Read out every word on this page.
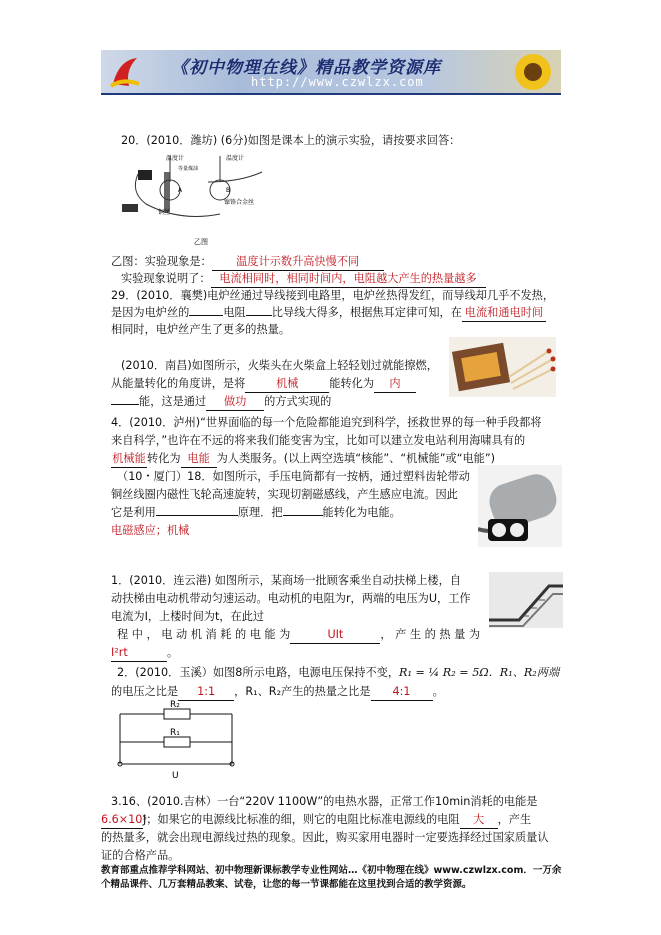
《初中物理在线》精品教学资源库
http://www.czwlzx.com
20．(2010．潍坊) (6分)如图是课本上的演示实验，请按要求回答：
温度计	温度计
等量煤油
A	B
铜丝
镍铬合金丝
乙图
乙图：实验现象是： 温度计示数升高快慢不同
实验现象说明了： 电流相同时，相同时间内，电阻越大产生的热量越多
29．(2010．襄樊)电炉丝通过导线接到电路里，电炉丝热得发红，而导线却几乎不发热，
是因为电炉丝的	电阻 比导线大得多，根据焦耳定律可知，在 电流和通电时间
相同时，电炉丝产生了更多的热量。
(2010．南昌)如图所示，火柴头在火柴盒上轻轻划过就能擦燃，
从能量转化的角度讲，是将	机械	能转化为 内
能，这是通过 做功 的方式实现的
4．(2010．泸州)“世界面临的每一个危险都能追究到科学，拯救世界的每一种手段都将
来自科学，”也许在不远的将来我们能变害为宝，比如可以建立发电站利用海啸具有的
机械能转化为 电能 为人类服务。(以上两空选填“核能”、“机械能”或“电能”)
（10・厦门）18．如图所示，手压电筒都有一按柄，通过塑料齿轮带动
铜丝线圈内磁性飞轮高速旋转，实现切割磁感线，产生感应电流。因此
它是利用	原理．把	能转化为电能。
电磁感应；机械
1．(2010．连云港) 如图所示，某商场一批顾客乘坐自动扶梯上楼，自
动扶梯由电动机带动匀速运动。电动机的电阻为r，两端的电压为U，工作
电流为I，上楼时间为t，在此过
程 中 ， 电 动 机 消 耗 的 电 能 为	UIt	， 产 生 的 热 量 为
I²rt	。
2．(2010．玉溪）如图8所示电路，电源电压保持不变，R₁ = ¼ R₂ = 5Ω．R₁、R₂两端
的电压之比是 1:1 ，R₁、R₂产生的热量之比是 4:1 。
R₂
R₁
U
3.16、(2010.吉林）一台“220V 1100W”的电热水器，正常工作10min消耗的电能是
6.6×10⁵J；如果它的电源线比标准的细，则它的电阻比标准电源线的电阻 大 ，产生
的热量多，就会出现电源线过热的现象。因此，购买家用电器时一定要选择经过国家质量认
证的合格产品。
教育部重点推荐学科网站、初中物理新课标教学专业性网站…《初中物理在线》www.czwlzx.com．一万余
个精品课件、几万套精品教案、试卷，让您的每一节课都能在这里找到合适的教学资源。
